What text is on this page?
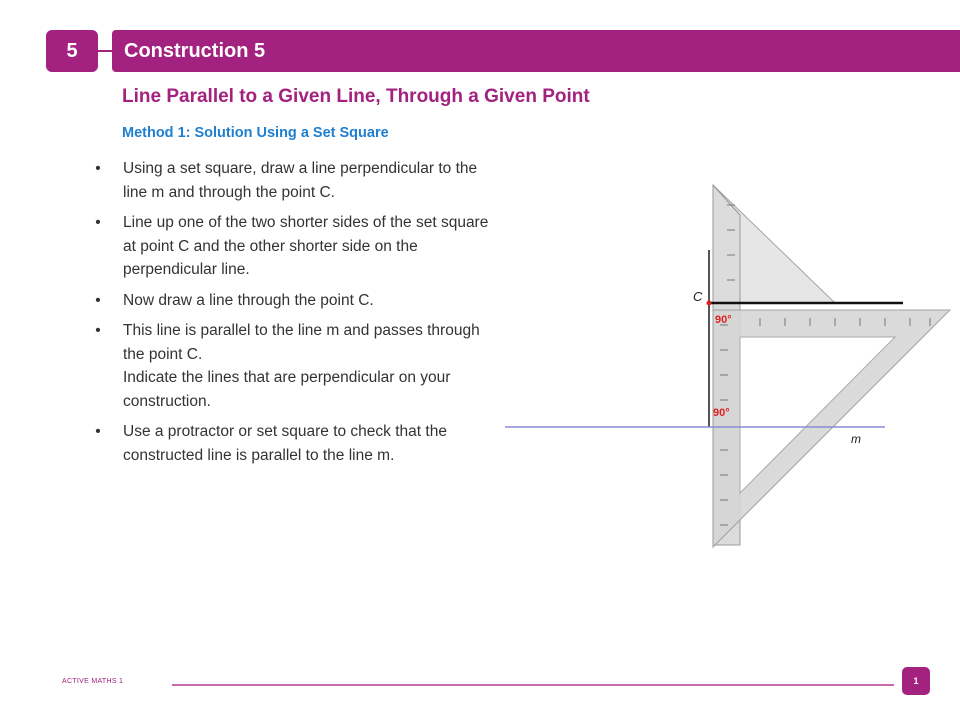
5 Construction 5
Line Parallel to a Given Line, Through a Given Point
Method 1: Solution Using a Set Square
• Using a set square, draw a line perpendicular to the line m and through the point C.
• Line up one of the two shorter sides of the set square at point C and the other shorter side on the perpendicular line.
• Now draw a line through the point C.
• This line is parallel to the line m and passes through the point C.
Indicate the lines that are perpendicular on your construction.
• Use a protractor or set square to check that the constructed line is parallel to the line m.
C
90°
90°
m
ACTIVE MATHS 1	1
